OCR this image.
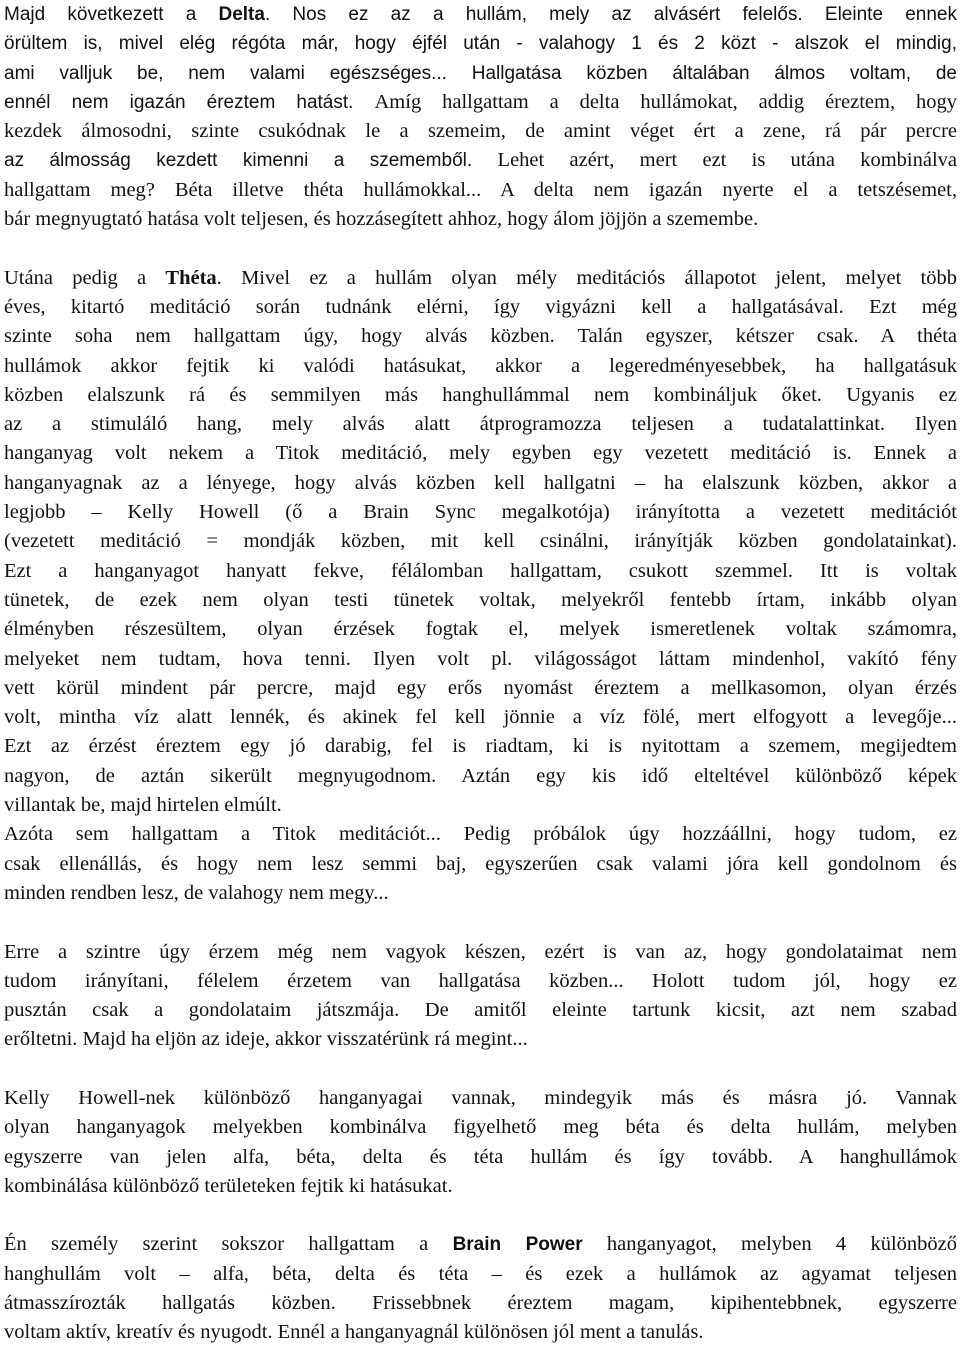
Majd következett a Delta. Nos ez az a hullám, mely az alvásért felelős. Eleinte ennek
örültem is, mivel elég régóta már, hogy éjfél után - valahogy 1 és 2 közt - alszok el mindig,
ami valljuk be, nem valami egészséges... Hallgatása közben általában álmos voltam, de
ennél nem igazán éreztem hatást. Amíg hallgattam a delta hullámokat, addig éreztem, hogy
kezdek álmosodni, szinte csukódnak le a szemeim, de amint véget ért a zene, rá pár percre
az álmosság kezdett kimenni a szememből. Lehet azért, mert ezt is utána kombinálva
hallgattam meg? Béta illetve théta hullámokkal... A delta nem igazán nyerte el a tetszésemet,
bár megnyugtató hatása volt teljesen, és hozzásegített ahhoz, hogy álom jöjjön a szemembe.
Utána pedig a Théta. Mivel ez a hullám olyan mély meditációs állapotot jelent, melyet több
éves, kitartó meditáció során tudnánk elérni, így vigyázni kell a hallgatásával. Ezt még
szinte soha nem hallgattam úgy, hogy alvás közben. Talán egyszer, kétszer csak. A théta
hullámok akkor fejtik ki valódi hatásukat, akkor a legeredményesebbek, ha hallgatásuk
közben elalszunk rá és semmilyen más hanghullámmal nem kombináljuk őket. Ugyanis ez
az a stimuláló hang, mely alvás alatt átprogramozza teljesen a tudatalattinkat. Ilyen
hanganyag volt nekem a Titok meditáció, mely egyben egy vezetett meditáció is. Ennek a
hanganyagnak az a lényege, hogy alvás közben kell hallgatni – ha elalszunk közben, akkor a
legjobb – Kelly Howell (ő a Brain Sync megalkotója) irányította a vezetett meditációt
(vezetett meditáció = mondják közben, mit kell csinálni, irányítják közben gondolatainkat).
Ezt a hanganyagot hanyatt fekve, félálomban hallgattam, csukott szemmel. Itt is voltak
tünetek, de ezek nem olyan testi tünetek voltak, melyekről fentebb írtam, inkább olyan
élményben részesültem, olyan érzések fogtak el, melyek ismeretlenek voltak számomra,
melyeket nem tudtam, hova tenni. Ilyen volt pl. világosságot láttam mindenhol, vakító fény
vett körül mindent pár percre, majd egy erős nyomást éreztem a mellkasomon, olyan érzés
volt, mintha víz alatt lennék, és akinek fel kell jönnie a víz fölé, mert elfogyott a levegője...
Ezt az érzést éreztem egy jó darabig, fel is riadtam, ki is nyitottam a szemem, megijedtem
nagyon, de aztán sikerült megnyugodnom. Aztán egy kis idő elteltével különböző képek
villantak be, majd hirtelen elmúlt.
Azóta sem hallgattam a Titok meditációt... Pedig próbálok úgy hozzáállni, hogy tudom, ez
csak ellenállás, és hogy nem lesz semmi baj, egyszerűen csak valami jóra kell gondolnom és
minden rendben lesz, de valahogy nem megy...
Erre a szintre úgy érzem még nem vagyok készen, ezért is van az, hogy gondolataimat nem
tudom irányítani, félelem érzetem van hallgatása közben... Holott tudom jól, hogy ez
pusztán csak a gondolataim játszmája. De amitől eleinte tartunk kicsit, azt nem szabad
erőltetni. Majd ha eljön az ideje, akkor visszatérünk rá megint...
Kelly Howell-nek különböző hanganyagai vannak, mindegyik más és másra jó. Vannak
olyan hanganyagok melyekben kombinálva figyelhető meg béta és delta hullám, melyben
egyszerre van jelen alfa, béta, delta és téta hullám és így tovább. A hanghullámok
kombinálása különböző területeken fejtik ki hatásukat.
Én személy szerint sokszor hallgattam a Brain Power hanganyagot, melyben 4 különböző
hanghullám volt – alfa, béta, delta és téta – és ezek a hullámok az agyamat teljesen
átmasszírozták hallgatás közben. Frissebbnek éreztem magam, kipihentebbnek, egyszerre
voltam aktív, kreatív és nyugodt. Ennél a hanganyagnál különösen jól ment a tanulás.
